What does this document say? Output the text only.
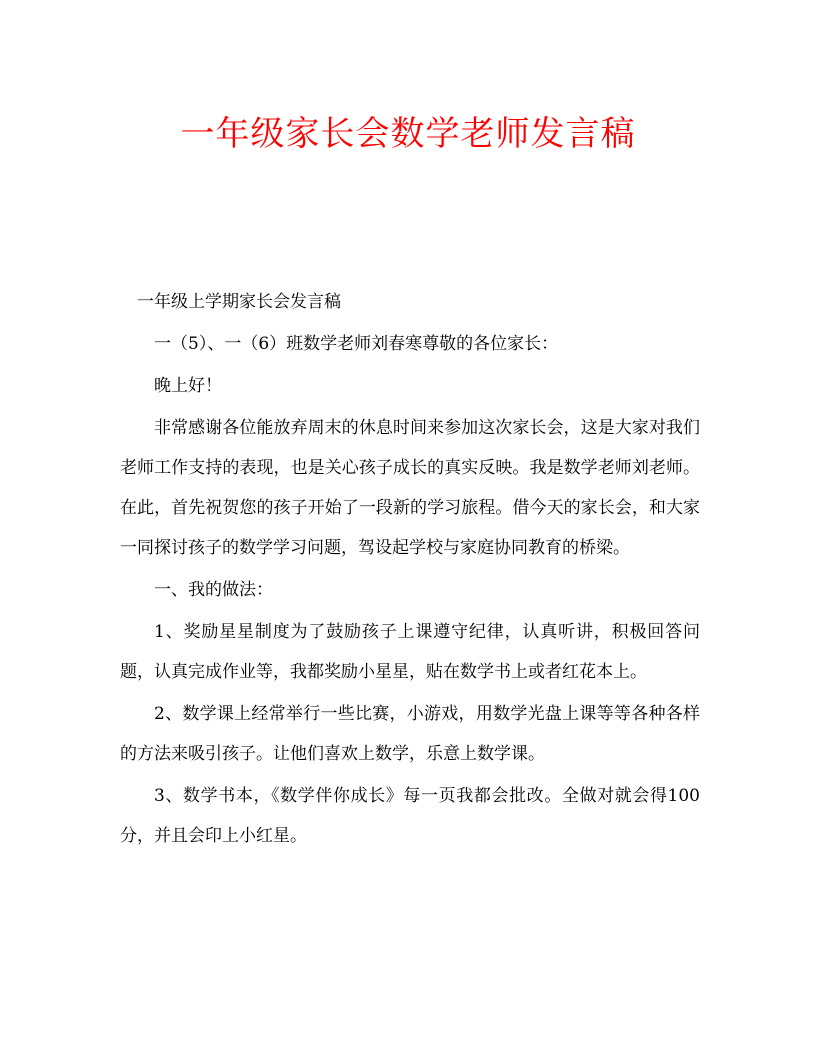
一年级家长会数学老师发言稿

一年级上学期家长会发言稿

一（5）、一（6）班数学老师刘春寒尊敬的各位家长：

晚上好！

非常感谢各位能放弃周末的休息时间来参加这次家长会，这是大家对我们老师工作支持的表现，也是关心孩子成长的真实反映。我是数学老师刘老师。在此，首先祝贺您的孩子开始了一段新的学习旅程。借今天的家长会，和大家一同探讨孩子的数学学习问题，驾设起学校与家庭协同教育的桥梁。

一、我的做法：

1、奖励星星制度为了鼓励孩子上课遵守纪律，认真听讲，积极回答问题，认真完成作业等，我都奖励小星星，贴在数学书上或者红花本上。

2、数学课上经常举行一些比赛，小游戏，用数学光盘上课等等各种各样的方法来吸引孩子。让他们喜欢上数学，乐意上数学课。

3、数学书本，《数学伴你成长》每一页我都会批改。全做对就会得100分，并且会印上小红星。
